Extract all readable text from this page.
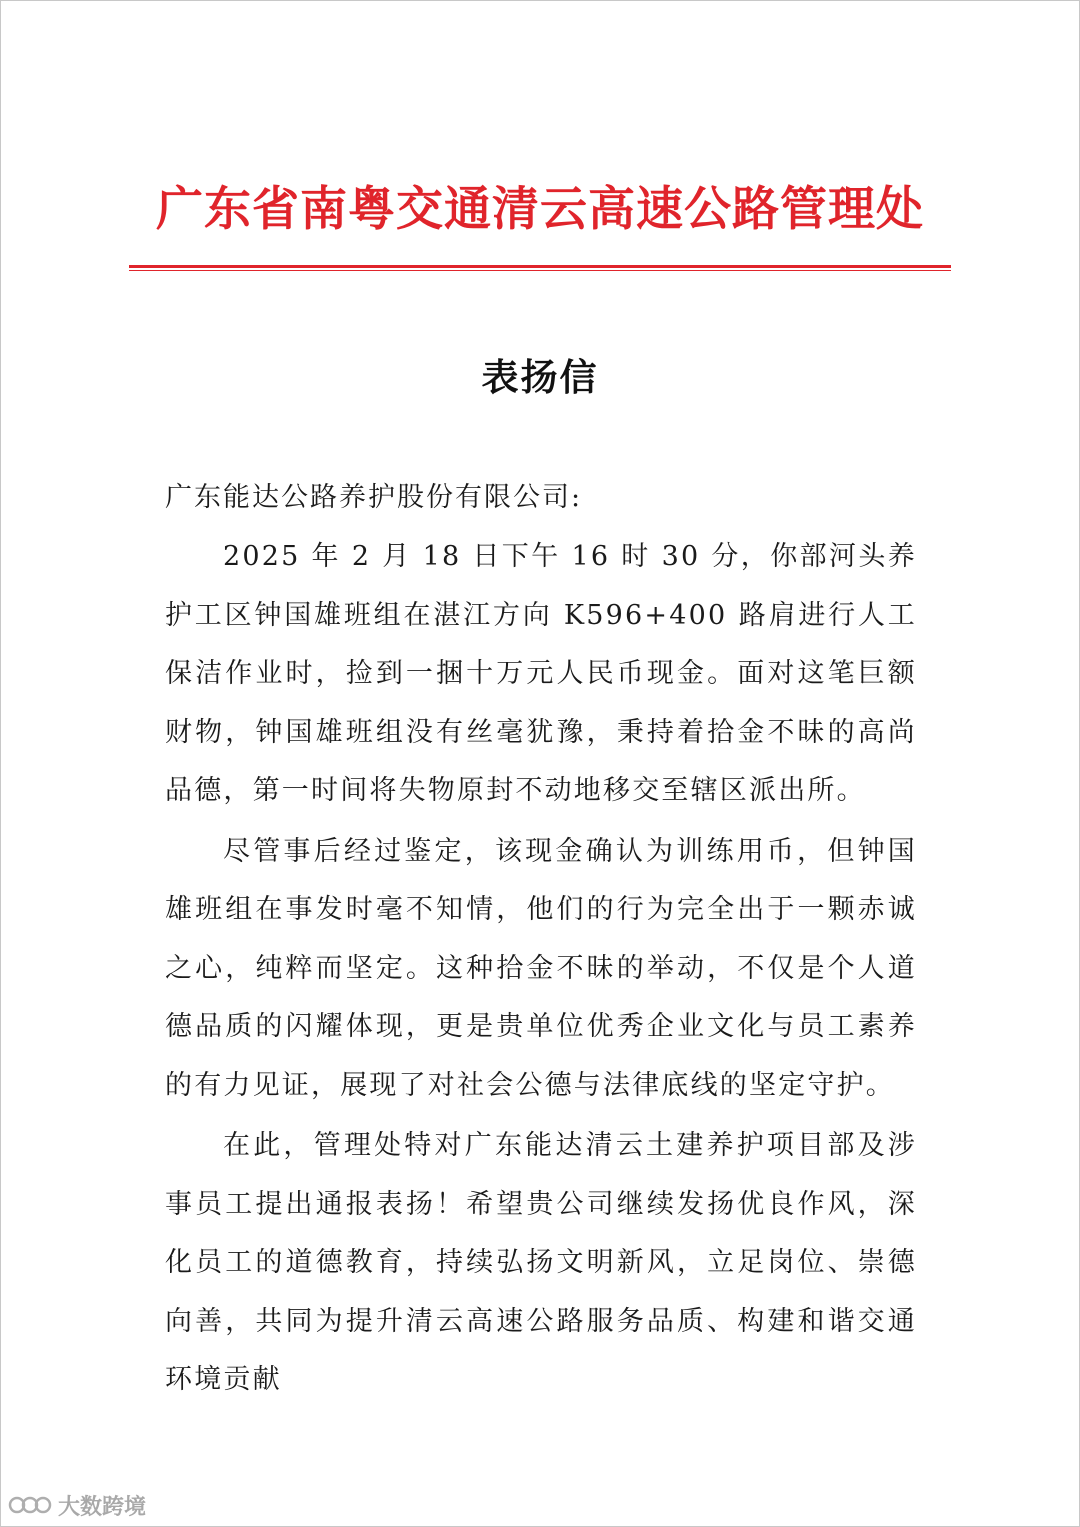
广东省南粤交通清云高速公路管理处
表扬信
广东能达公路养护股份有限公司:

2025 年 2 月 18 日下午 16 时 30 分，你部河头养护工区钟国雄班组在湛江方向 K596+400 路肩进行人工保洁作业时，捡到一捆十万元人民币现金。面对这笔巨额财物，钟国雄班组没有丝毫犹豫，秉持着拾金不昧的高尚品德，第一时间将失物原封不动地移交至辖区派出所。

尽管事后经过鉴定，该现金确认为训练用币，但钟国雄班组在事发时毫不知情，他们的行为完全出于一颗赤诚之心，纯粹而坚定。这种拾金不昧的举动，不仅是个人道德品质的闪耀体现，更是贵单位优秀企业文化与员工素养的有力见证，展现了对社会公德与法律底线的坚定守护。

在此，管理处特对广东能达清云土建养护项目部及涉事员工提出通报表扬！希望贵公司继续发扬优良作风，深化员工的道德教育，持续弘扬文明新风，立足岗位、崇德向善，共同为提升清云高速公路服务品质、构建和谐交通环境贡献

大数跨境
